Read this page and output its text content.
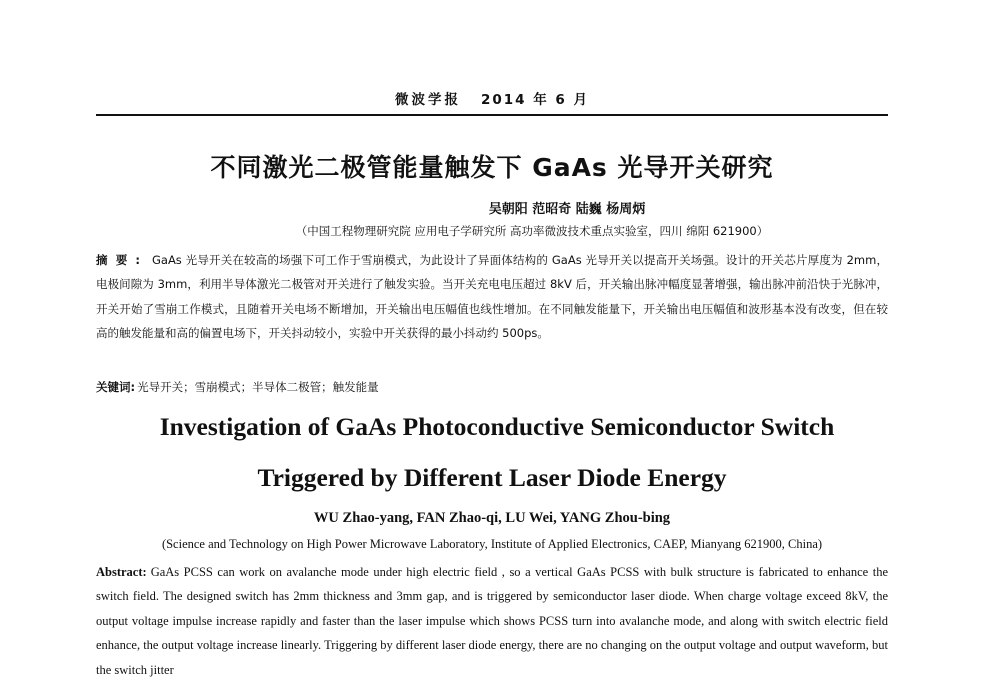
微波学报 2014 年 6 月
不同激光二极管能量触发下 GaAs 光导开关研究
吴朝阳 范昭奇 陆巍 杨周炳
（中国工程物理研究院 应用电子学研究所 高功率微波技术重点实验室，四川 绵阳 621900）
摘要: GaAs 光导开关在较高的场强下可工作于雪崩模式，为此设计了异面体结构的 GaAs 光导开关以提高开关场强。设计的开关芯片厚度为 2mm，电极间隙为 3mm，利用半导体激光二极管对开关进行了触发实验。当开关充电电压超过 8kV 后，开关输出脉冲幅度显著增强，输出脉冲前沿快于光脉冲，开关开始了雪崩工作模式，且随着开关电场不断增加，开关输出电压幅值也线性增加。在不同触发能量下，开关输出电压幅值和波形基本没有改变，但在较高的触发能量和高的偏置电场下，开关抖动较小，实验中开关获得的最小抖动约 500ps。
关键词: 光导开关；雪崩模式；半导体二极管；触发能量
Investigation of GaAs Photoconductive Semiconductor Switch
Triggered by Different Laser Diode Energy
WU Zhao-yang, FAN Zhao-qi, LU Wei, YANG Zhou-bing
(Science and Technology on High Power Microwave Laboratory, Institute of Applied Electronics, CAEP, Mianyang 621900, China)
Abstract: GaAs PCSS can work on avalanche mode under high electric field , so a vertical GaAs PCSS with bulk structure is fabricated to enhance the switch field. The designed switch has 2mm thickness and 3mm gap, and is triggered by semiconductor laser diode. When charge voltage exceed 8kV, the output voltage impulse increase rapidly and faster than the laser impulse which shows PCSS turn into avalanche mode, and along with switch electric field enhance, the output voltage increase linearly. Triggering by different laser diode energy, there are no changing on the output voltage and output waveform, but the switch jitter
